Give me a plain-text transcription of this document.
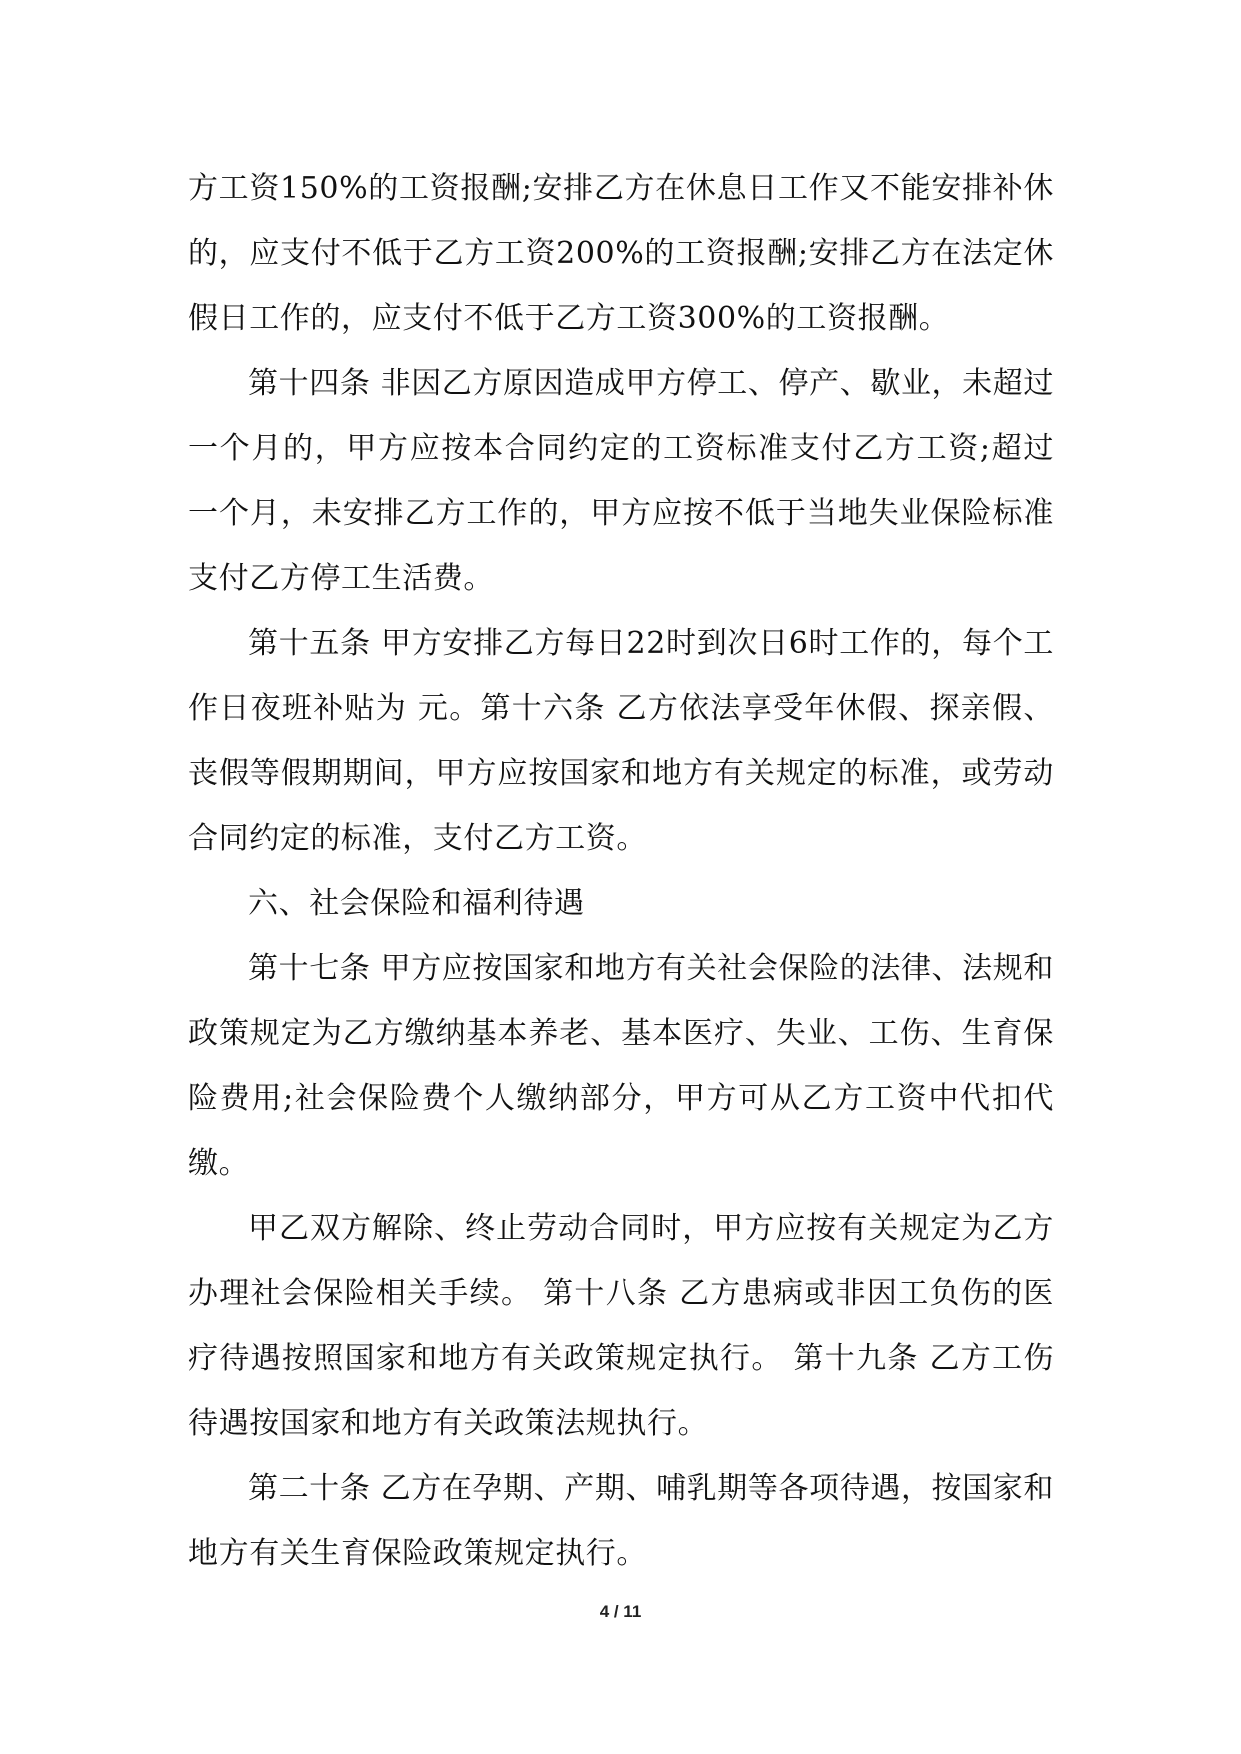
方工资150%的工资报酬;安排乙方在休息日工作又不能安排补休的，应支付不低于乙方工资200%的工资报酬;安排乙方在法定休假日工作的，应支付不低于乙方工资300%的工资报酬。

第十四条 非因乙方原因造成甲方停工、停产、歇业，未超过一个月的，甲方应按本合同约定的工资标准支付乙方工资;超过一个月，未安排乙方工作的，甲方应按不低于当地失业保险标准支付乙方停工生活费。

第十五条 甲方安排乙方每日22时到次日6时工作的，每个工作日夜班补贴为 元。第十六条 乙方依法享受年休假、探亲假、丧假等假期期间，甲方应按国家和地方有关规定的标准，或劳动合同约定的标准，支付乙方工资。

六、社会保险和福利待遇

第十七条 甲方应按国家和地方有关社会保险的法律、法规和政策规定为乙方缴纳基本养老、基本医疗、失业、工伤、生育保险费用;社会保险费个人缴纳部分，甲方可从乙方工资中代扣代缴。

甲乙双方解除、终止劳动合同时，甲方应按有关规定为乙方办理社会保险相关手续。 第十八条 乙方患病或非因工负伤的医疗待遇按照国家和地方有关政策规定执行。 第十九条 乙方工伤待遇按国家和地方有关政策法规执行。

第二十条 乙方在孕期、产期、哺乳期等各项待遇，按国家和地方有关生育保险政策规定执行。

4 / 11
